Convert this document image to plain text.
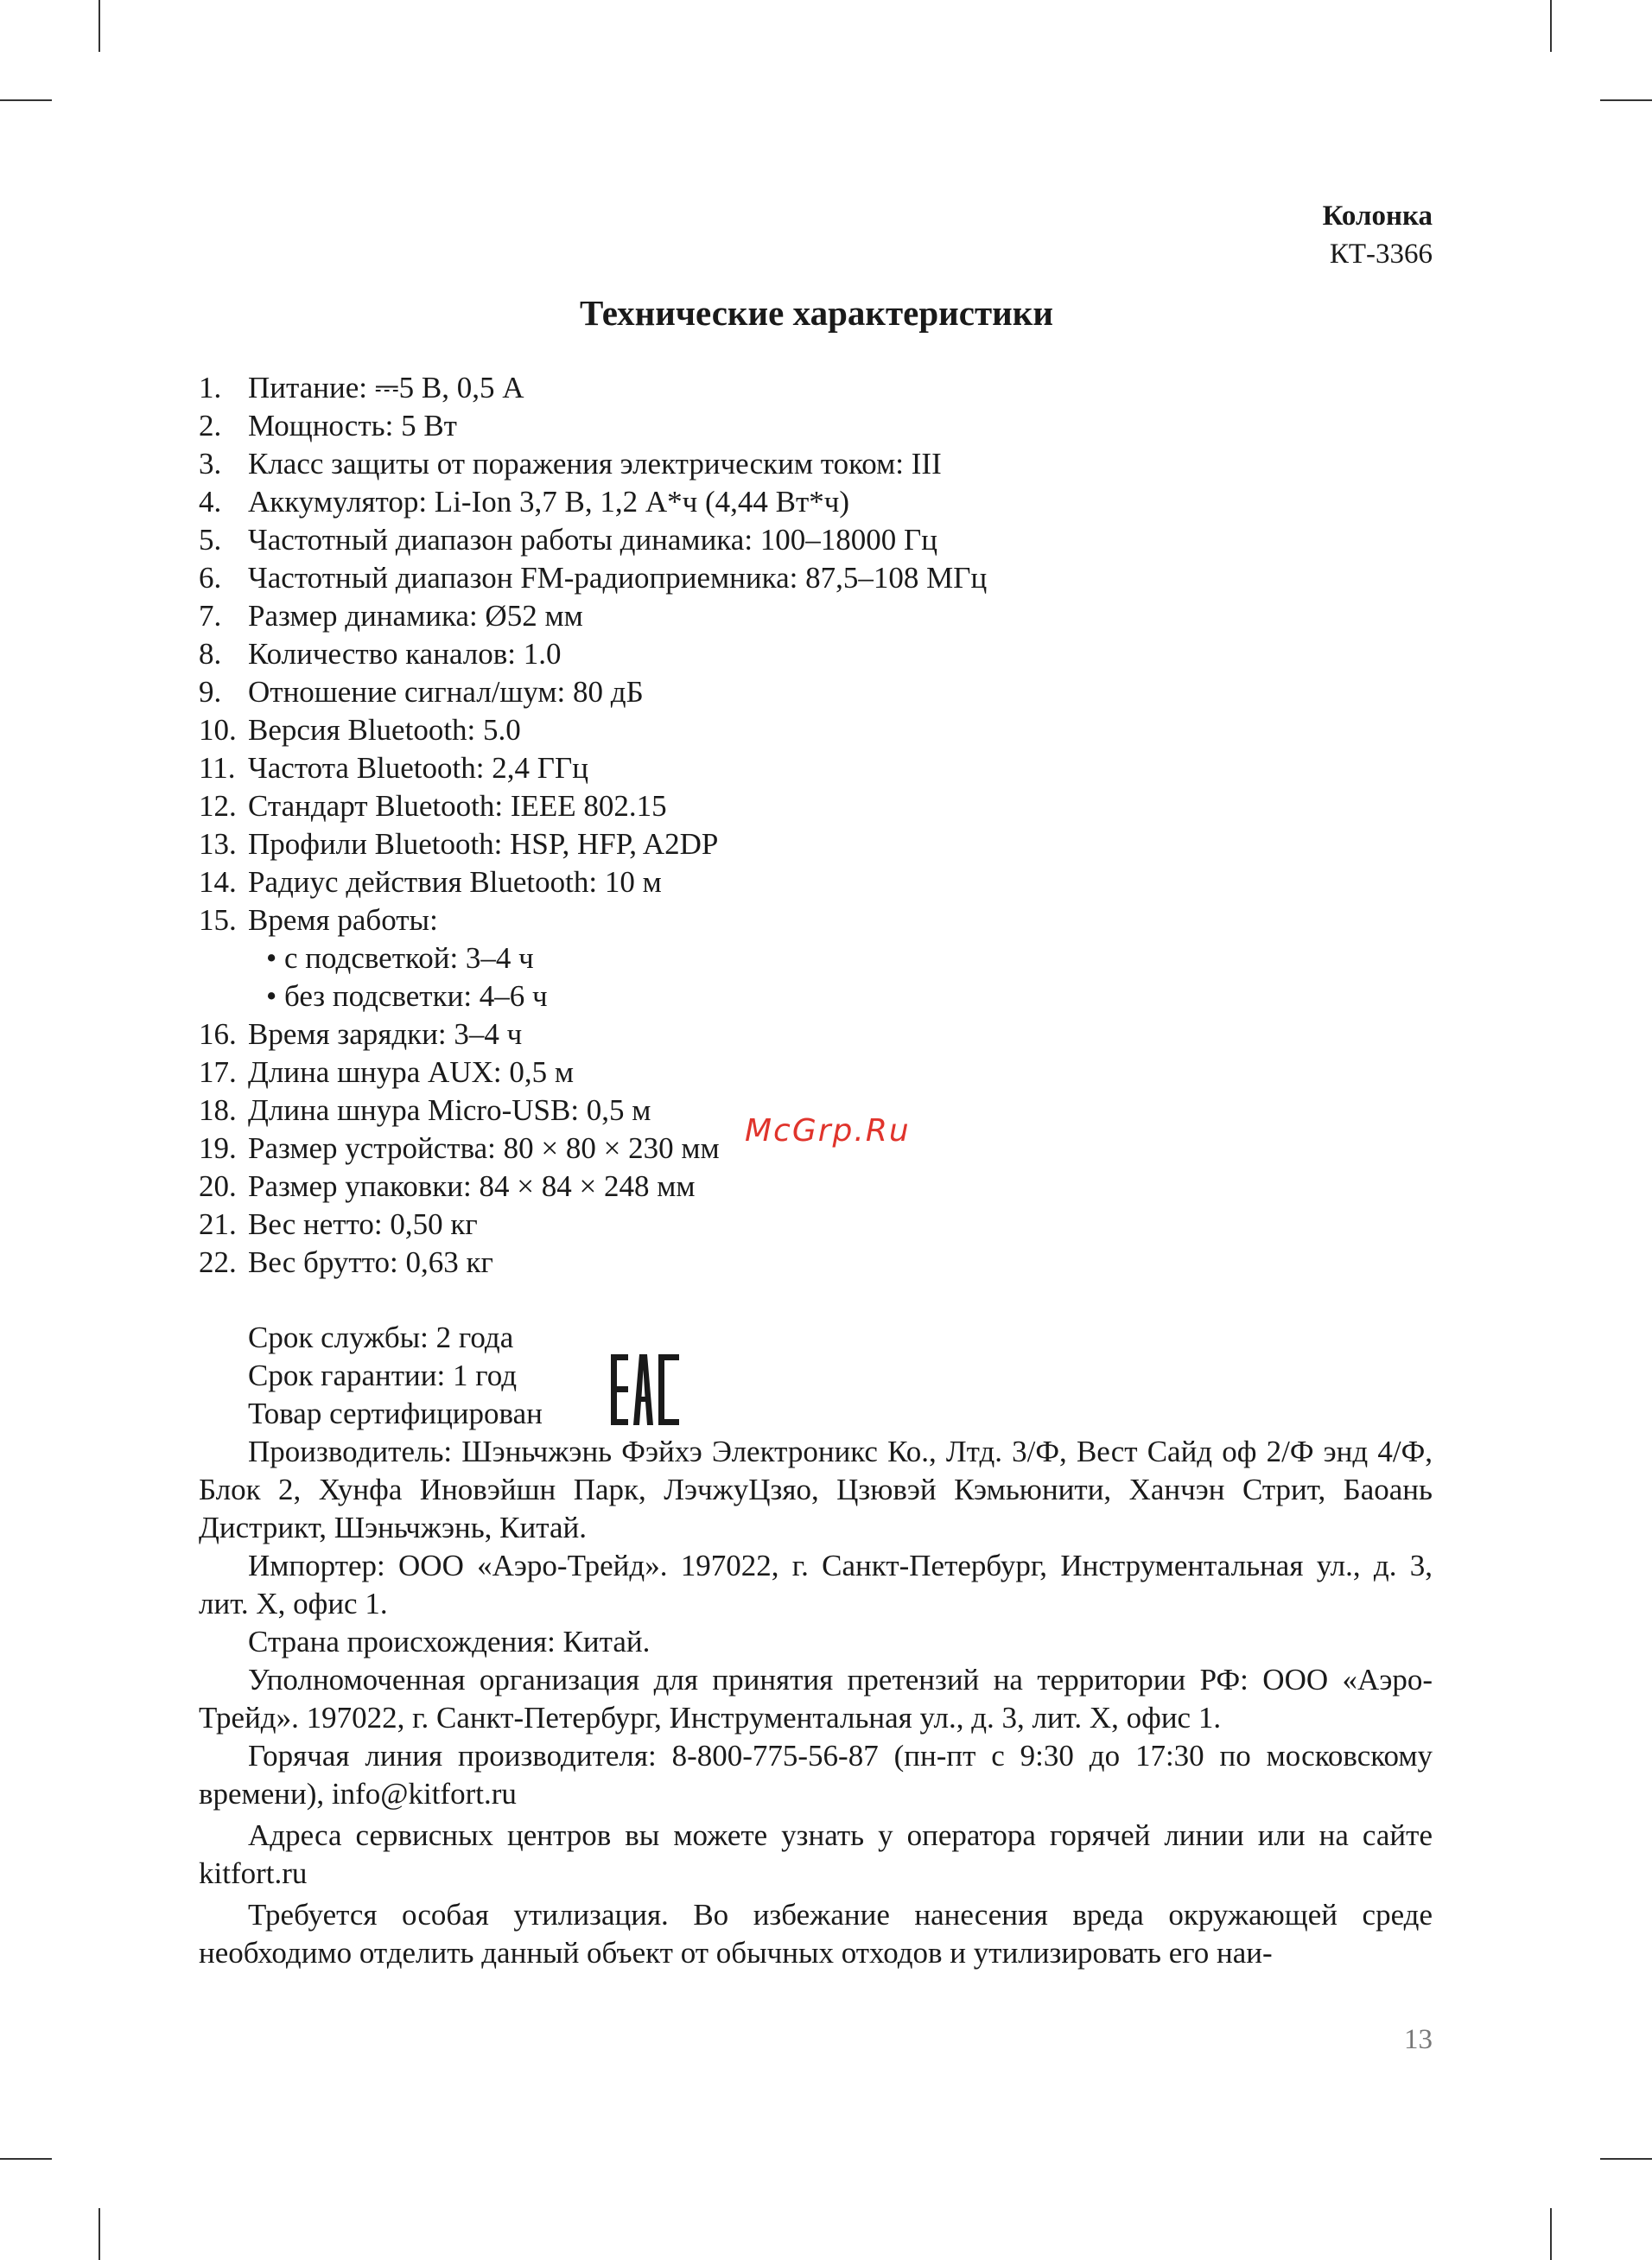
Колонка
КТ-3366
Технические характеристики
1. Питание: ⎓5 В, 0,5 А
2. Мощность: 5 Вт
3. Класс защиты от поражения электрическим током: III
4. Аккумулятор: Li-Ion 3,7 В, 1,2 А*ч (4,44 Вт*ч)
5. Частотный диапазон работы динамика: 100–18000 Гц
6. Частотный диапазон FM-радиоприемника: 87,5–108 МГц
7. Размер динамика: Ø52 мм
8. Количество каналов: 1.0
9. Отношение сигнал/шум: 80 дБ
10. Версия Bluetooth: 5.0
11. Частота Bluetooth: 2,4 ГГц
12. Стандарт Bluetooth: IEEE 802.15
13. Профили Bluetooth: HSP, HFP, A2DP
14. Радиус действия Bluetooth: 10 м
15. Время работы:
• с подсветкой: 3–4 ч
• без подсветки: 4–6 ч
16. Время зарядки: 3–4 ч
17. Длина шнура AUX: 0,5 м
18. Длина шнура Micro-USB: 0,5 м
19. Размер устройства: 80 × 80 × 230 мм
20. Размер упаковки: 84 × 84 × 248 мм
21. Вес нетто: 0,50 кг
22. Вес брутто: 0,63 кг
Срок службы: 2 года
Срок гарантии: 1 год
Товар сертифицирован
Производитель: Шэньчжэнь Фэйхэ Электроникс Ко., Лтд. 3/Ф, Вест Сайд оф 2/Ф энд 4/Ф, Блок 2, Хунфа Иновэйшн Парк, ЛэчжуЦзяо, Цзювэй Кэмьюнити, Ханчэн Стрит, Баоань Дистрикт, Шэньчжэнь, Китай.
Импортер: ООО «Аэро-Трейд». 197022, г. Санкт-Петербург, Инструментальная ул., д. 3, лит. Х, офис 1.
Страна происхождения: Китай.
Уполномоченная организация для принятия претензий на территории РФ: ООО «Аэро-Трейд». 197022, г. Санкт-Петербург, Инструментальная ул., д. 3, лит. Х, офис 1.
Горячая линия производителя: 8-800-775-56-87 (пн-пт с 9:30 до 17:30 по московскому времени), info@kitfort.ru
Адреса сервисных центров вы можете узнать у оператора горячей линии или на сайте kitfort.ru
Требуется особая утилизация. Во избежание нанесения вреда окружающей среде необходимо отделить данный объект от обычных отходов и утилизировать его наи-
McGrp.Ru
13
